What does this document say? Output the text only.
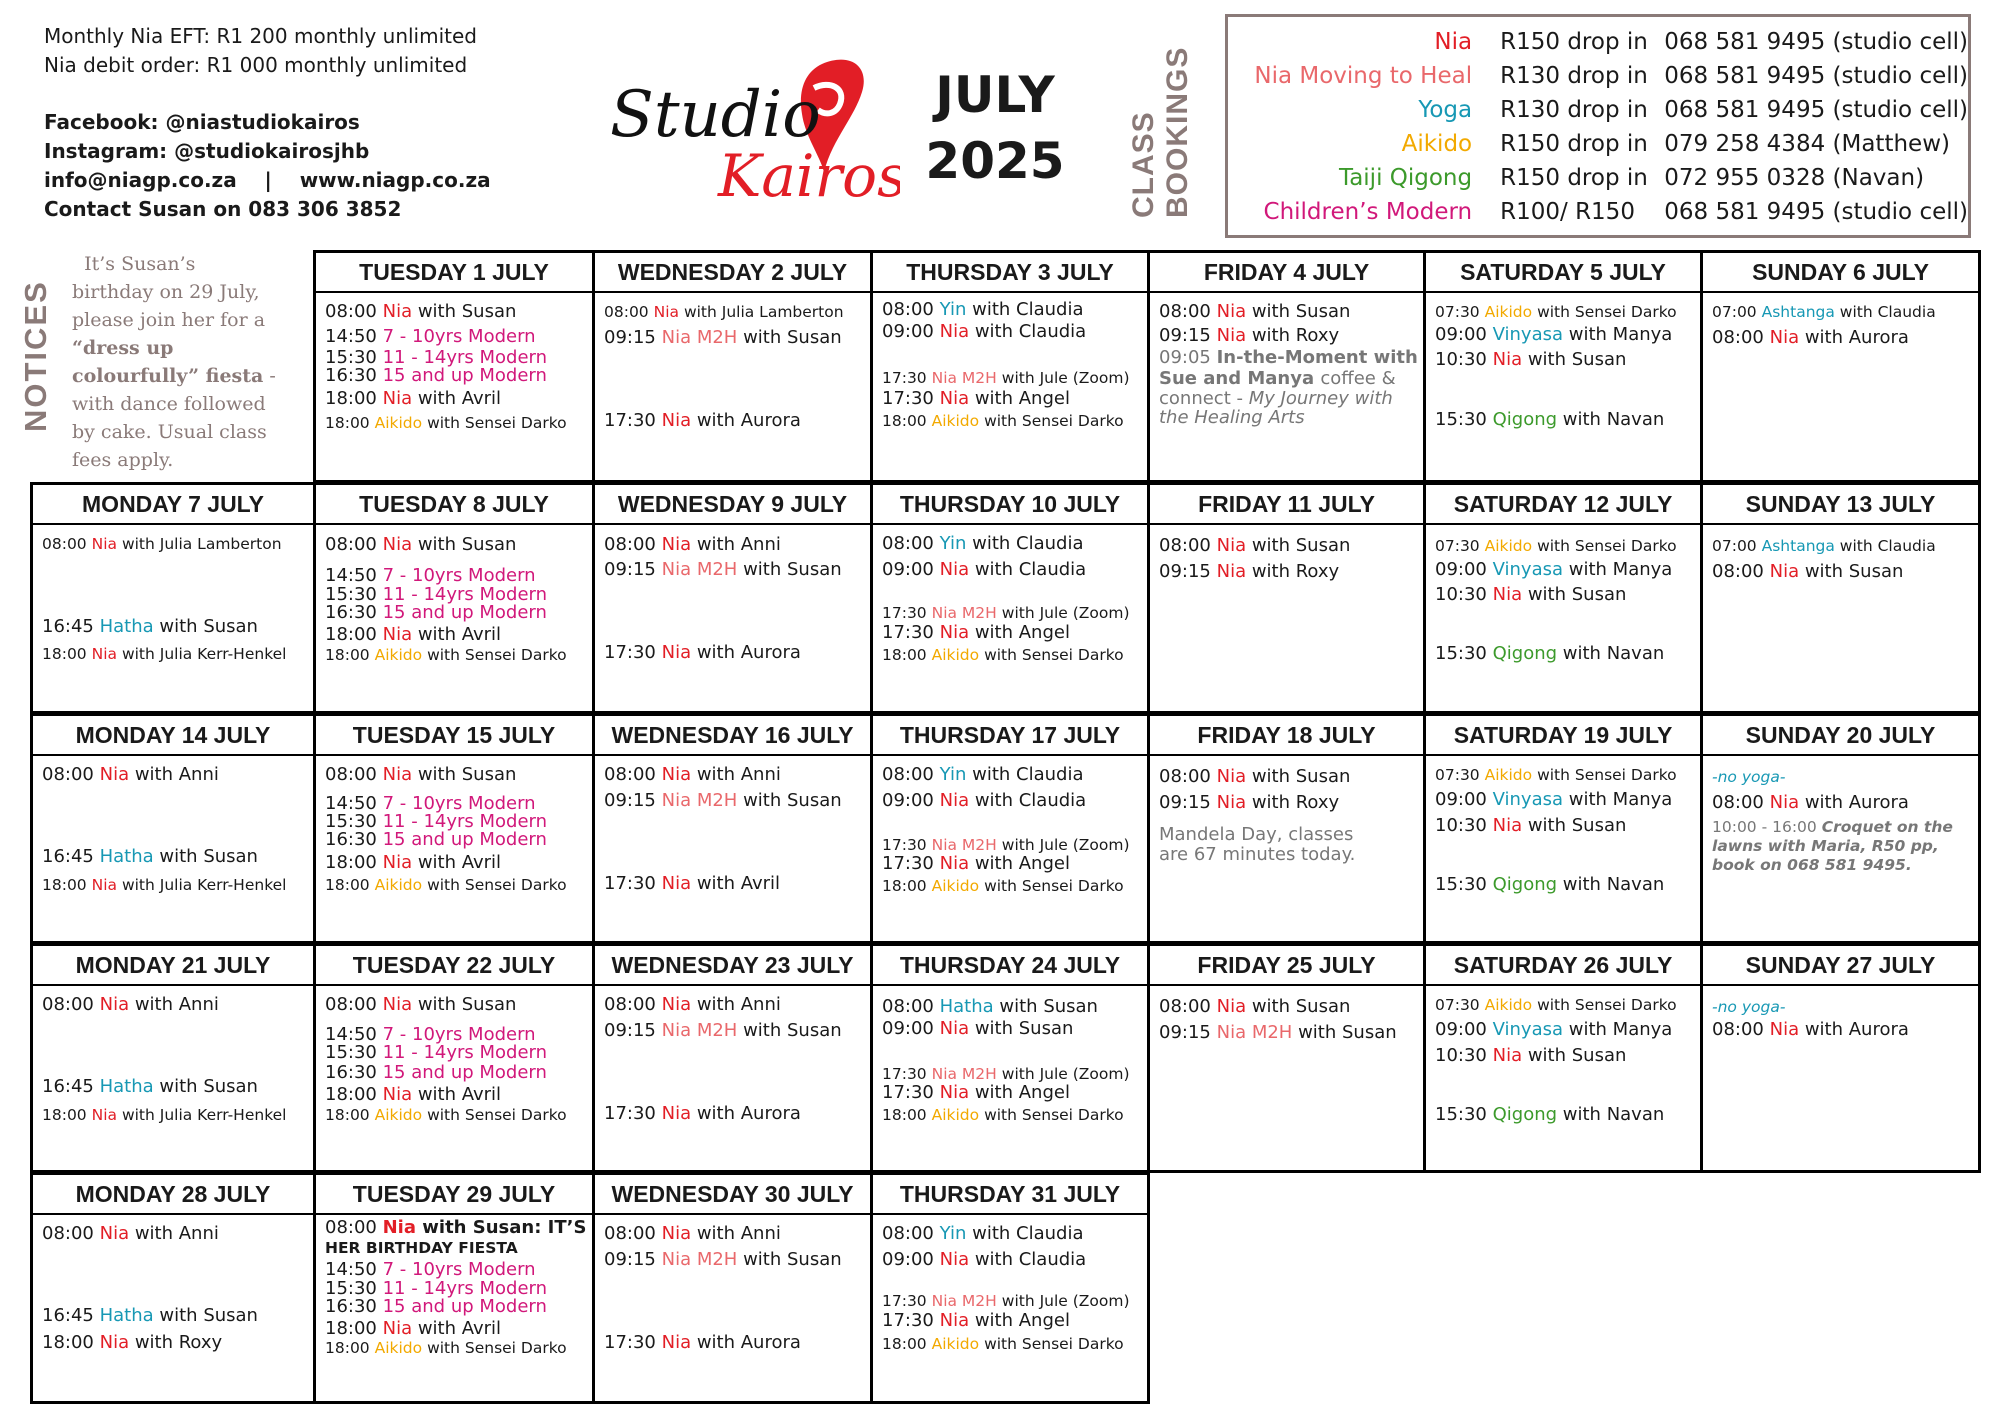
Monthly Nia EFT: R1 200 monthly unlimited
Nia debit order: R1 000 monthly unlimited
Facebook: @niastudiokairos
Instagram: @studiokairosjhb
info@niagp.co.za    |    www.niagp.co.za
Contact Susan on 083 306 3852
Studio
Kairos
JULY
2025 CLASS BOOKINGS
Nia	R150 drop in	068 581 9495 (studio cell)
Nia Moving to Heal	R130 drop in	068 581 9495 (studio cell)
Yoga	R130 drop in	068 581 9495 (studio cell)
Aikido	R150 drop in	079 258 4384 (Matthew)
Taiji Qigong	R150 drop in	072 955 0328 (Navan)
Children’s Modern	R100/ R150	068 581 9495 (studio cell)
NOTICES
It’s Susan’s birthday on 29 July, please join her for a “dress up colourfully” fiesta - with dance followed by cake. Usual class fees apply.
TUESDAY 1 JULY
08:00 Nia with Susan
14:50 7 - 10yrs Modern
15:30 11 - 14yrs Modern
16:30 15 and up Modern
18:00 Nia with Avril
18:00 Aikido with Sensei Darko
WEDNESDAY 2 JULY
08:00 Nia with Julia Lamberton
09:15 Nia M2H with Susan
17:30 Nia with Aurora
THURSDAY 3 JULY
08:00 Yin with Claudia
09:00 Nia with Claudia
17:30 Nia M2H with Jule (Zoom)
17:30 Nia with Angel
18:00 Aikido with Sensei Darko
FRIDAY 4 JULY
08:00 Nia with Susan
09:15 Nia with Roxy
09:05 In-the-Moment with
Sue and Manya coffee &
connect - My Journey with
the Healing Arts
SATURDAY 5 JULY
07:30 Aikido with Sensei Darko
09:00 Vinyasa with Manya
10:30 Nia with Susan
15:30 Qigong with Navan
SUNDAY 6 JULY
07:00 Ashtanga with Claudia
08:00 Nia with Aurora
MONDAY 7 JULY
08:00 Nia with Julia Lamberton
16:45 Hatha with Susan
18:00 Nia with Julia Kerr-Henkel
TUESDAY 8 JULY
08:00 Nia with Susan
14:50 7 - 10yrs Modern
15:30 11 - 14yrs Modern
16:30 15 and up Modern
18:00 Nia with Avril
18:00 Aikido with Sensei Darko
WEDNESDAY 9 JULY
08:00 Nia with Anni
09:15 Nia M2H with Susan
17:30 Nia with Aurora
THURSDAY 10 JULY
08:00 Yin with Claudia
09:00 Nia with Claudia
17:30 Nia M2H with Jule (Zoom)
17:30 Nia with Angel
18:00 Aikido with Sensei Darko
FRIDAY 11 JULY
08:00 Nia with Susan
09:15 Nia with Roxy
SATURDAY 12 JULY
07:30 Aikido with Sensei Darko
09:00 Vinyasa with Manya
10:30 Nia with Susan
15:30 Qigong with Navan
SUNDAY 13 JULY
07:00 Ashtanga with Claudia
08:00 Nia with Susan
MONDAY 14 JULY
08:00 Nia with Anni
16:45 Hatha with Susan
18:00 Nia with Julia Kerr-Henkel
TUESDAY 15 JULY
08:00 Nia with Susan
14:50 7 - 10yrs Modern
15:30 11 - 14yrs Modern
16:30 15 and up Modern
18:00 Nia with Avril
18:00 Aikido with Sensei Darko
WEDNESDAY 16 JULY
08:00 Nia with Anni
09:15 Nia M2H with Susan
17:30 Nia with Avril
THURSDAY 17 JULY
08:00 Yin with Claudia
09:00 Nia with Claudia
17:30 Nia M2H with Jule (Zoom)
17:30 Nia with Angel
18:00 Aikido with Sensei Darko
FRIDAY 18 JULY
08:00 Nia with Susan
09:15 Nia with Roxy
Mandela Day, classes
are 67 minutes today.
SATURDAY 19 JULY
07:30 Aikido with Sensei Darko
09:00 Vinyasa with Manya
10:30 Nia with Susan
15:30 Qigong with Navan
SUNDAY 20 JULY
-no yoga-
08:00 Nia with Aurora
10:00 - 16:00 Croquet on the
lawns with Maria, R50 pp,
book on 068 581 9495.
MONDAY 21 JULY
08:00 Nia with Anni
16:45 Hatha with Susan
18:00 Nia with Julia Kerr-Henkel
TUESDAY 22 JULY
08:00 Nia with Susan
14:50 7 - 10yrs Modern
15:30 11 - 14yrs Modern
16:30 15 and up Modern
18:00 Nia with Avril
18:00 Aikido with Sensei Darko
WEDNESDAY 23 JULY
08:00 Nia with Anni
09:15 Nia M2H with Susan
17:30 Nia with Aurora
THURSDAY 24 JULY
08:00 Hatha with Susan
09:00 Nia with Susan
17:30 Nia M2H with Jule (Zoom)
17:30 Nia with Angel
18:00 Aikido with Sensei Darko
FRIDAY 25 JULY
08:00 Nia with Susan
09:15 Nia M2H with Susan
SATURDAY 26 JULY
07:30 Aikido with Sensei Darko
09:00 Vinyasa with Manya
10:30 Nia with Susan
15:30 Qigong with Navan
SUNDAY 27 JULY
-no yoga-
08:00 Nia with Aurora
MONDAY 28 JULY
08:00 Nia with Anni
16:45 Hatha with Susan
18:00 Nia with Roxy
TUESDAY 29 JULY
08:00 Nia with Susan: IT’S
HER BIRTHDAY FIESTA
14:50 7 - 10yrs Modern
15:30 11 - 14yrs Modern
16:30 15 and up Modern
18:00 Nia with Avril
18:00 Aikido with Sensei Darko
WEDNESDAY 30 JULY
08:00 Nia with Anni
09:15 Nia M2H with Susan
17:30 Nia with Aurora
THURSDAY 31 JULY
08:00 Yin with Claudia
09:00 Nia with Claudia
17:30 Nia M2H with Jule (Zoom)
17:30 Nia with Angel
18:00 Aikido with Sensei Darko
